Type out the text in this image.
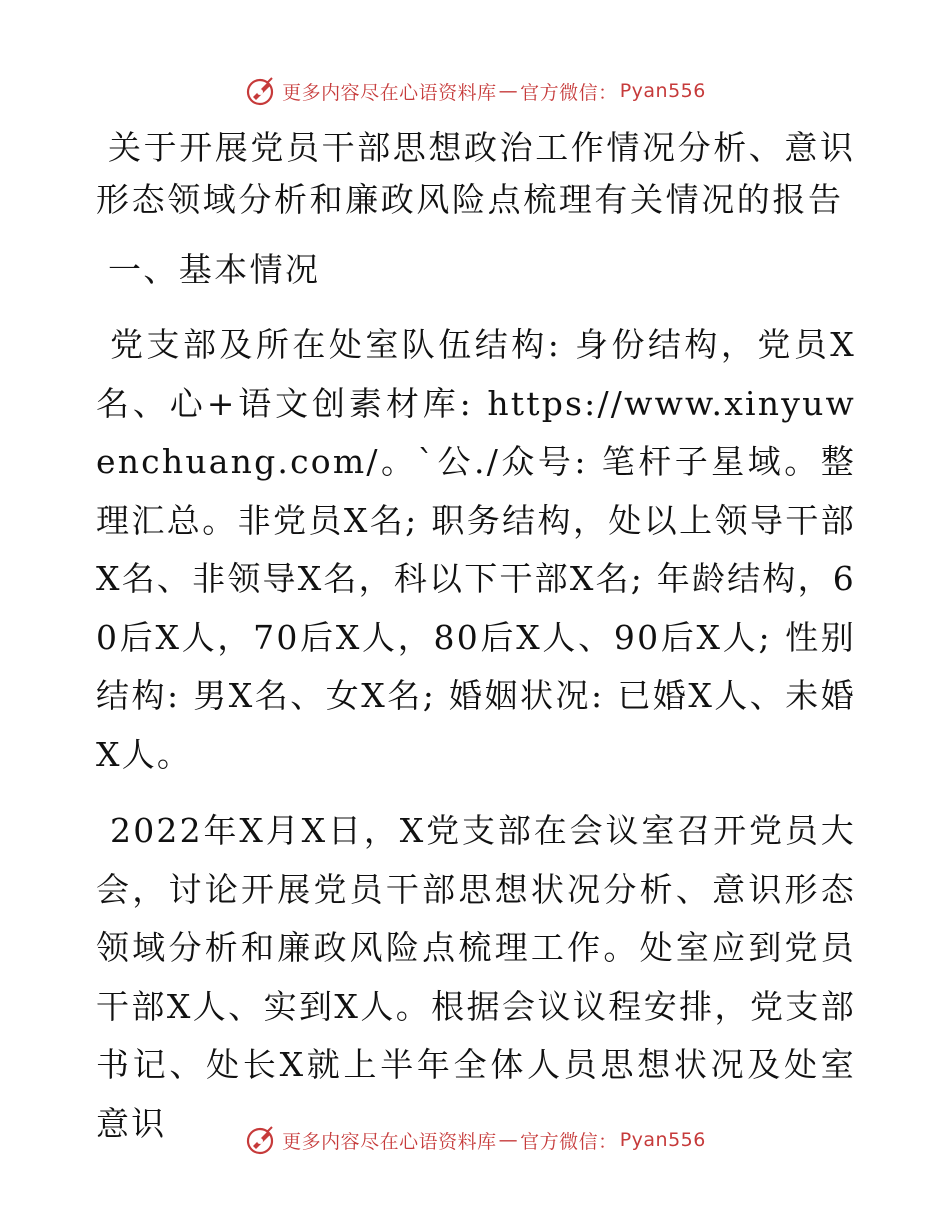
更多内容尽在心语资料库 — 官方微信： Pyan556
关于开展党员干部思想政治工作情况分析、意识
形态领域分析和廉政风险点梳理有关情况的报告
一、基本情况

党支部及所在处室队伍结构: 身份结构，党员X名、心+语文创素材库: https://www.xinyuwenchuang.com/。`公./众号: 笔杆子星域。整理汇总。非党员X名; 职务结构，处以上领导干部X名、非领导X名，科以下干部X名; 年龄结构，60后X人，70后X人，80后X人、90后X人; 性别结构: 男X名、女X名; 婚姻状况: 已婚X人、未婚X人。

2022年X月X日，X党支部在会议室召开党员大会，讨论开展党员干部思想状况分析、意识形态领域分析和廉政风险点梳理工作。处室应到党员干部X人、实到X人。根据会议议程安排，党支部书记、处长X就上半年全体人员思想状况及处室意识	更多内容尽在心语资料库 — 官方微信： Pyan556
